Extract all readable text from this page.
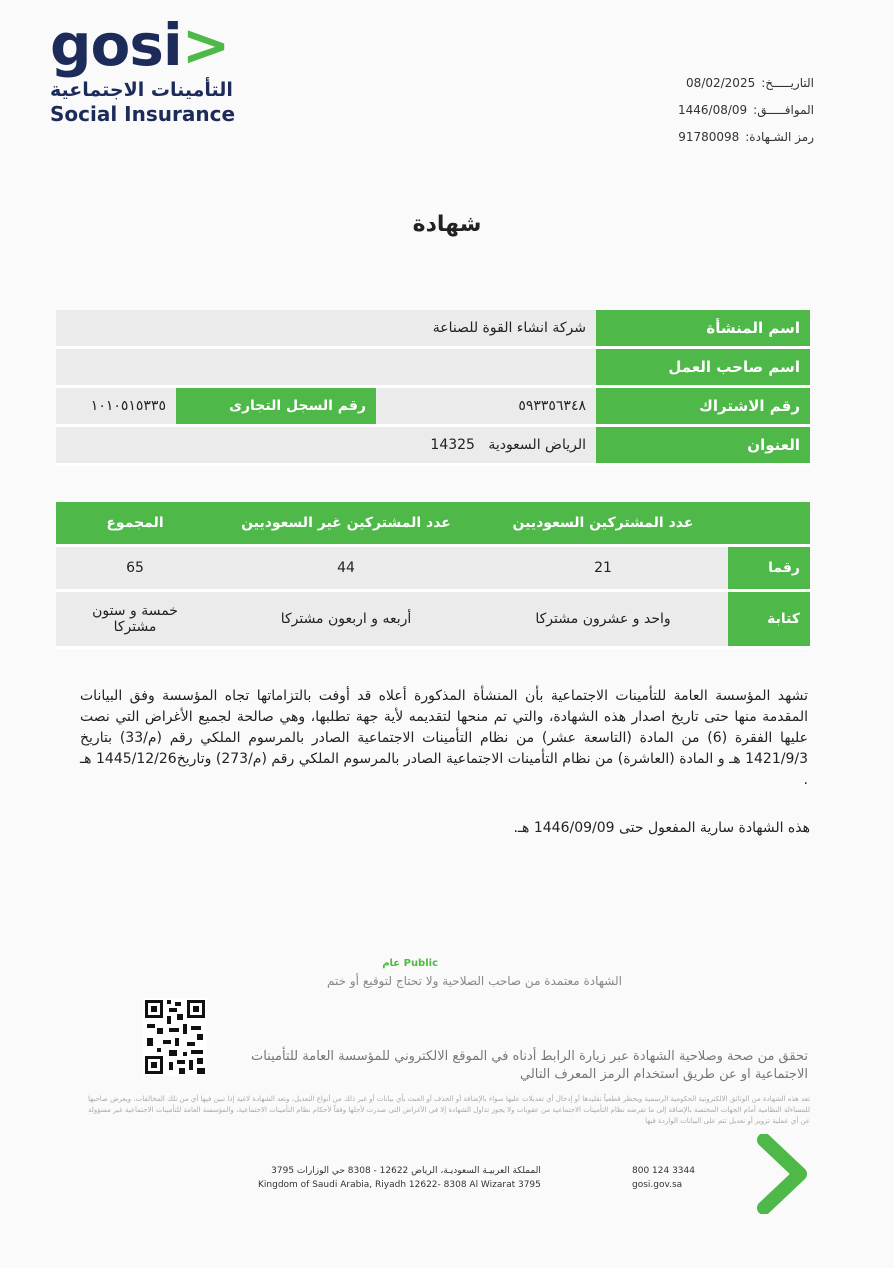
gosi>
التأمينات الاجتماعية
Social Insurance
التاريـــــخ:08/02/2025
الموافـــــق:1446/08/09
رمز الشـهادة:91780098
شهادة
اسم المنشأة	شركة انشاء القوة للصناعة		
اسم صاحب العمل			
رقم الاشتراك	٥٩٣٣٥٦٣٤٨	رقم السجل التجارى	١٠١٠٥١٥٣٣٥
العنوان	الرياض السعودية   14325		
	عدد المشتركين السعوديين	عدد المشتركين غير السعوديين	المجموع
رقما	21	44	65
كتابة	واحد و عشرون مشتركا	أربعه و اربعون مشتركا	خمسة و ستون مشتركا
تشهد المؤسسة العامة للتأمينات الاجتماعية بأن المنشأة المذكورة أعلاه قد أوفت بالتزاماتها تجاه المؤسسة وفق البيانات المقدمة منها حتى تاريخ اصدار هذه الشهادة، والتي تم منحها لتقديمه لأية جهة تطلبها، وهي صالحة لجميع الأغراض التي نصت عليها الفقرة (6) من المادة (التاسعة عشر) من نظام التأمينات الاجتماعية الصادر بالمرسوم الملكي رقم (م/33) بتاريخ 1421/9/3 هـ و المادة (العاشرة) من نظام التأمينات الاجتماعية الصادر بالمرسوم الملكي رقم (م/273) وتاريخ1445/12/26 هـ .
هذه الشهادة سارية المفعول حتى 1446/09/09 هـ.
Public عام
الشهادة معتمدة من صاحب الصلاحية ولا تحتاج لتوقيع أو ختم
تحقق من صحة وصلاحية الشهادة عبر زيارة الرابط أدناه في الموقع الالكتروني للمؤسسة العامة للتأمينات الاجتماعية او عن طريق استخدام الرمز المعرف التالي
تعد هذه الشهادة من الوثائق الالكترونية الحكومية الرسمية ويحظر قطعياً تقليدها أو إدخال أي تعديلات عليها سواء بالإضافة أو الحذف أو العبث بأي بيانات أو غير ذلك من أنواع التعديل، وتعد الشهادة لاغية إذا تبين فيها أي من تلك المخالفات، ويعرض صاحبها للمساءلة النظامية أمام الجهات المختصة بالإضافة إلى ما تفرضه نظام التأمينات الاجتماعية من عقوبات ولا يجوز تداول الشهادة إلا في الأغراض التي صدرت لأجلها وفقاً لأحكام نظام التأمينات الاجتماعية، والمؤسسة العامة للتأمينات الاجتماعية غير مسؤولة عن أي عملية تزوير أو تعديل تتم على البيانات الواردة فيها
المملكة العربيـة السعوديـة، الرياض 12622 - 8308 حي الوزارات 3795
Kingdom of Saudi Arabia, Riyadh 12622- 8308 Al Wizarat 3795
800 124 3344
gosi.gov.sa
